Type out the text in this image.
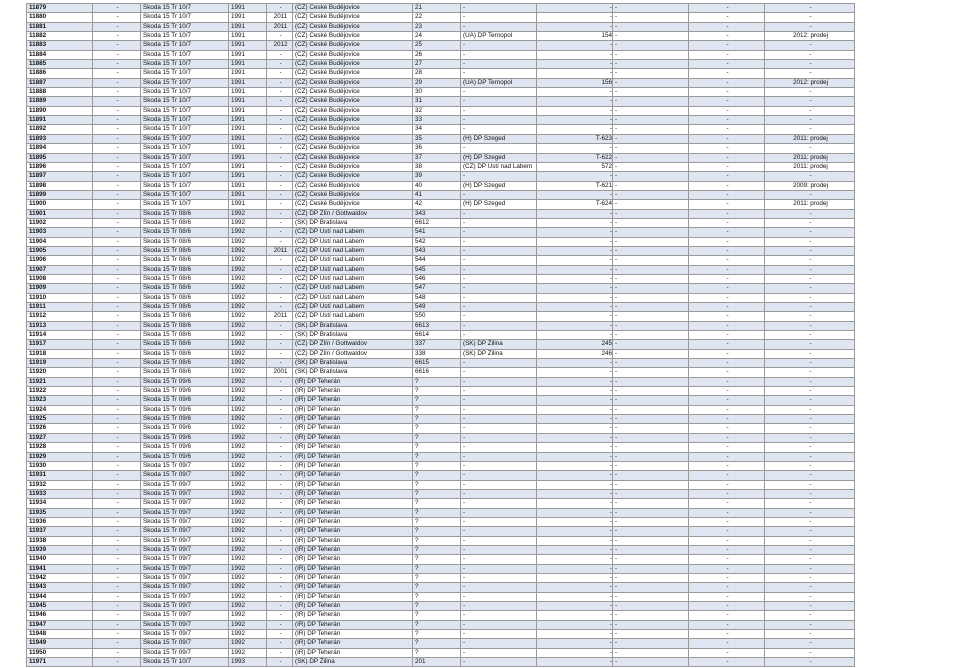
11879	-	Škoda 15 Tr 10/7	1991	-	(CZ) České Budějovice	21	-	-	-	-	-
11880	-	Škoda 15 Tr 10/7	1991	2011	(CZ) České Budějovice	22	-	-	-	-	-
11881	-	Škoda 15 Tr 10/7	1991	2011	(CZ) České Budějovice	23	-	-	-	-	-
11882	-	Škoda 15 Tr 10/7	1991	-	(CZ) České Budějovice	24	(UA) DP Ternopol	154	-	-	2012: prodej
11883	-	Škoda 15 Tr 10/7	1991	2012	(CZ) České Budějovice	25	-	-	-	-	-
11884	-	Škoda 15 Tr 10/7	1991	-	(CZ) České Budějovice	26	-	-	-	-	-
11885	-	Škoda 15 Tr 10/7	1991	-	(CZ) České Budějovice	27	-	-	-	-	-
11886	-	Škoda 15 Tr 10/7	1991	-	(CZ) České Budějovice	28	-	-	-	-	-
11887	-	Škoda 15 Tr 10/7	1991	-	(CZ) České Budějovice	29	(UA) DP Ternopol	156	-	-	2012: prodej
11888	-	Škoda 15 Tr 10/7	1991	-	(CZ) České Budějovice	30	-	-	-	-	-
11889	-	Škoda 15 Tr 10/7	1991	-	(CZ) České Budějovice	31	-	-	-	-	-
11890	-	Škoda 15 Tr 10/7	1991	-	(CZ) České Budějovice	32	-	-	-	-	-
11891	-	Škoda 15 Tr 10/7	1991	-	(CZ) České Budějovice	33	-	-	-	-	-
11892	-	Škoda 15 Tr 10/7	1991	-	(CZ) České Budějovice	34	-	-	-	-	-
11893	-	Škoda 15 Tr 10/7	1991	-	(CZ) České Budějovice	35	(H) DP Szeged	T-623	-	-	2011: prodej
11894	-	Škoda 15 Tr 10/7	1991	-	(CZ) České Budějovice	36	-	-	-	-	-
11895	-	Škoda 15 Tr 10/7	1991	-	(CZ) České Budějovice	37	(H) DP Szeged	T-622	-	-	2011: prodej
11896	-	Škoda 15 Tr 10/7	1991	-	(CZ) České Budějovice	38	(CZ) DP Ústí nad Labem	572	-	-	2011: prodej
11897	-	Škoda 15 Tr 10/7	1991	-	(CZ) České Budějovice	39	-	-	-	-	-
11898	-	Škoda 15 Tr 10/7	1991	-	(CZ) České Budějovice	40	(H) DP Szeged	T-621	-	-	2009: prodej
11899	-	Škoda 15 Tr 10/7	1991	-	(CZ) České Budějovice	41	-	-	-	-	-
11900	-	Škoda 15 Tr 10/7	1991	-	(CZ) České Budějovice	42	(H) DP Szeged	T-624	-	-	2011: prodej
11901	-	Škoda 15 Tr 08/6	1992	-	(CZ) DP Zlín / Gottwaldov	343	-	-	-	-	-
11902	-	Škoda 15 Tr 08/6	1992	-	(SK) DP Bratislava	6612	-	-	-	-	-
11903	-	Škoda 15 Tr 08/6	1992	-	(CZ) DP Ústí nad Labem	541	-	-	-	-	-
11904	-	Škoda 15 Tr 08/6	1992	-	(CZ) DP Ústí nad Labem	542	-	-	-	-	-
11905	-	Škoda 15 Tr 08/6	1992	2011	(CZ) DP Ústí nad Labem	543	-	-	-	-	-
11906	-	Škoda 15 Tr 08/6	1992	-	(CZ) DP Ústí nad Labem	544	-	-	-	-	-
11907	-	Škoda 15 Tr 08/6	1992	-	(CZ) DP Ústí nad Labem	545	-	-	-	-	-
11908	-	Škoda 15 Tr 08/6	1992	-	(CZ) DP Ústí nad Labem	546	-	-	-	-	-
11909	-	Škoda 15 Tr 08/6	1992	-	(CZ) DP Ústí nad Labem	547	-	-	-	-	-
11910	-	Škoda 15 Tr 08/6	1992	-	(CZ) DP Ústí nad Labem	548	-	-	-	-	-
11911	-	Škoda 15 Tr 08/6	1992	-	(CZ) DP Ústí nad Labem	549	-	-	-	-	-
11912	-	Škoda 15 Tr 08/6	1992	2011	(CZ) DP Ústí nad Labem	550	-	-	-	-	-
11913	-	Škoda 15 Tr 08/6	1992	-	(SK) DP Bratislava	6613	-	-	-	-	-
11914	-	Škoda 15 Tr 08/6	1992	-	(SK) DP Bratislava	6614	-	-	-	-	-
11917	-	Škoda 15 Tr 08/6	1992	-	(CZ) DP Zlín / Gottwaldov	337	(SK) DP Žilina	245	-	-	-
11918	-	Škoda 15 Tr 08/6	1992	-	(CZ) DP Zlín / Gottwaldov	338	(SK) DP Žilina	246	-	-	-
11919	-	Škoda 15 Tr 08/6	1992	-	(SK) DP Bratislava	6615	-	-	-	-	-
11920	-	Škoda 15 Tr 08/6	1992	2001	(SK) DP Bratislava	6616	-	-	-	-	-
11921	-	Škoda 15 Tr 09/6	1992	-	(IR) DP Teherán	?	-	-	-	-	-
11922	-	Škoda 15 Tr 09/6	1992	-	(IR) DP Teherán	?	-	-	-	-	-
11923	-	Škoda 15 Tr 09/6	1992	-	(IR) DP Teherán	?	-	-	-	-	-
11924	-	Škoda 15 Tr 09/6	1992	-	(IR) DP Teherán	?	-	-	-	-	-
11925	-	Škoda 15 Tr 09/6	1992	-	(IR) DP Teherán	?	-	-	-	-	-
11926	-	Škoda 15 Tr 09/6	1992	-	(IR) DP Teherán	?	-	-	-	-	-
11927	-	Škoda 15 Tr 09/6	1992	-	(IR) DP Teherán	?	-	-	-	-	-
11928	-	Škoda 15 Tr 09/6	1992	-	(IR) DP Teherán	?	-	-	-	-	-
11929	-	Škoda 15 Tr 09/6	1992	-	(IR) DP Teherán	?	-	-	-	-	-
11930	-	Škoda 15 Tr 09/7	1992	-	(IR) DP Teherán	?	-	-	-	-	-
11931	-	Škoda 15 Tr 09/7	1992	-	(IR) DP Teherán	?	-	-	-	-	-
11932	-	Škoda 15 Tr 09/7	1992	-	(IR) DP Teherán	?	-	-	-	-	-
11933	-	Škoda 15 Tr 09/7	1992	-	(IR) DP Teherán	?	-	-	-	-	-
11934	-	Škoda 15 Tr 09/7	1992	-	(IR) DP Teherán	?	-	-	-	-	-
11935	-	Škoda 15 Tr 09/7	1992	-	(IR) DP Teherán	?	-	-	-	-	-
11936	-	Škoda 15 Tr 09/7	1992	-	(IR) DP Teherán	?	-	-	-	-	-
11937	-	Škoda 15 Tr 09/7	1992	-	(IR) DP Teherán	?	-	-	-	-	-
11938	-	Škoda 15 Tr 09/7	1992	-	(IR) DP Teherán	?	-	-	-	-	-
11939	-	Škoda 15 Tr 09/7	1992	-	(IR) DP Teherán	?	-	-	-	-	-
11940	-	Škoda 15 Tr 09/7	1992	-	(IR) DP Teherán	?	-	-	-	-	-
11941	-	Škoda 15 Tr 09/7	1992	-	(IR) DP Teherán	?	-	-	-	-	-
11942	-	Škoda 15 Tr 09/7	1992	-	(IR) DP Teherán	?	-	-	-	-	-
11943	-	Škoda 15 Tr 09/7	1992	-	(IR) DP Teherán	?	-	-	-	-	-
11944	-	Škoda 15 Tr 09/7	1992	-	(IR) DP Teherán	?	-	-	-	-	-
11945	-	Škoda 15 Tr 09/7	1992	-	(IR) DP Teherán	?	-	-	-	-	-
11946	-	Škoda 15 Tr 09/7	1992	-	(IR) DP Teherán	?	-	-	-	-	-
11947	-	Škoda 15 Tr 09/7	1992	-	(IR) DP Teherán	?	-	-	-	-	-
11948	-	Škoda 15 Tr 09/7	1992	-	(IR) DP Teherán	?	-	-	-	-	-
11949	-	Škoda 15 Tr 09/7	1992	-	(IR) DP Teherán	?	-	-	-	-	-
11950	-	Škoda 15 Tr 09/7	1992	-	(IR) DP Teherán	?	-	-	-	-	-
11971	-	Škoda 15 Tr 10/7	1993	-	(SK) DP Žilina	201	-	-	-	-	-
